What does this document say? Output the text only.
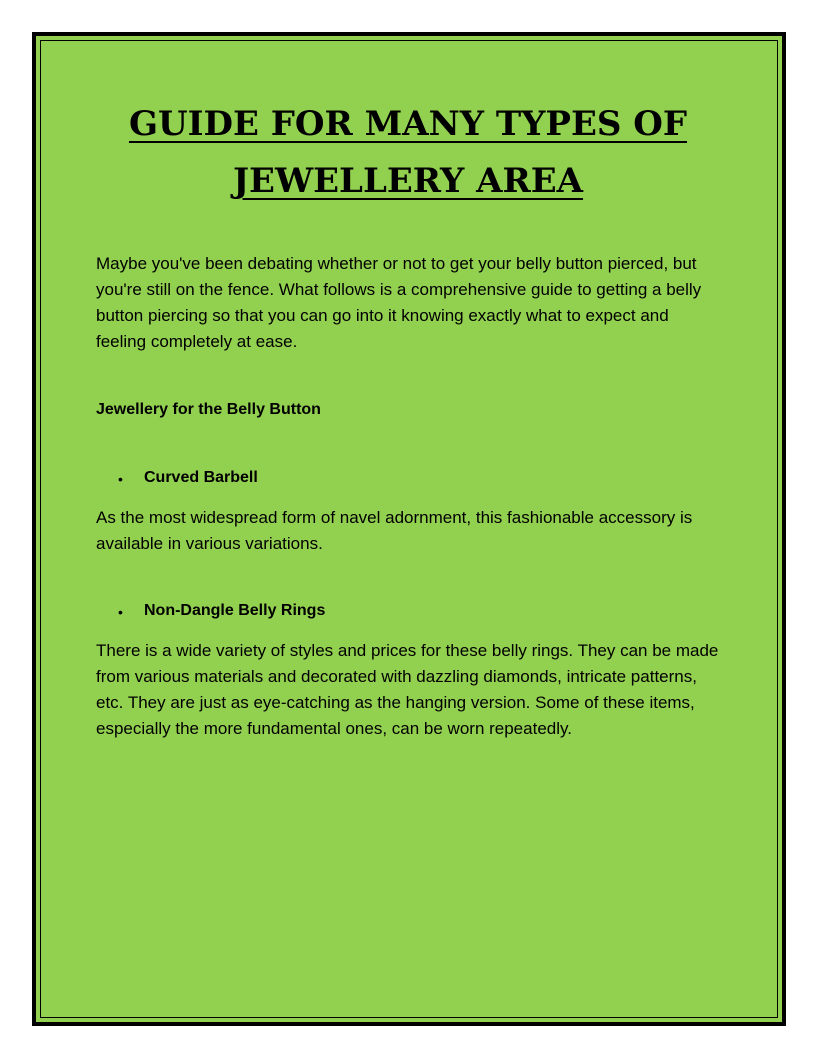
GUIDE FOR MANY TYPES OF
JEWELLERY AREA

Maybe you've been debating whether or not to get your belly button pierced, but you're still on the fence. What follows is a comprehensive guide to getting a belly button piercing so that you can go into it knowing exactly what to expect and feeling completely at ease.

Jewellery for the Belly Button

• Curved Barbell

As the most widespread form of navel adornment, this fashionable accessory is available in various variations.

• Non-Dangle Belly Rings

There is a wide variety of styles and prices for these belly rings. They can be made from various materials and decorated with dazzling diamonds, intricate patterns, etc. They are just as eye-catching as the hanging version. Some of these items, especially the more fundamental ones, can be worn repeatedly.
